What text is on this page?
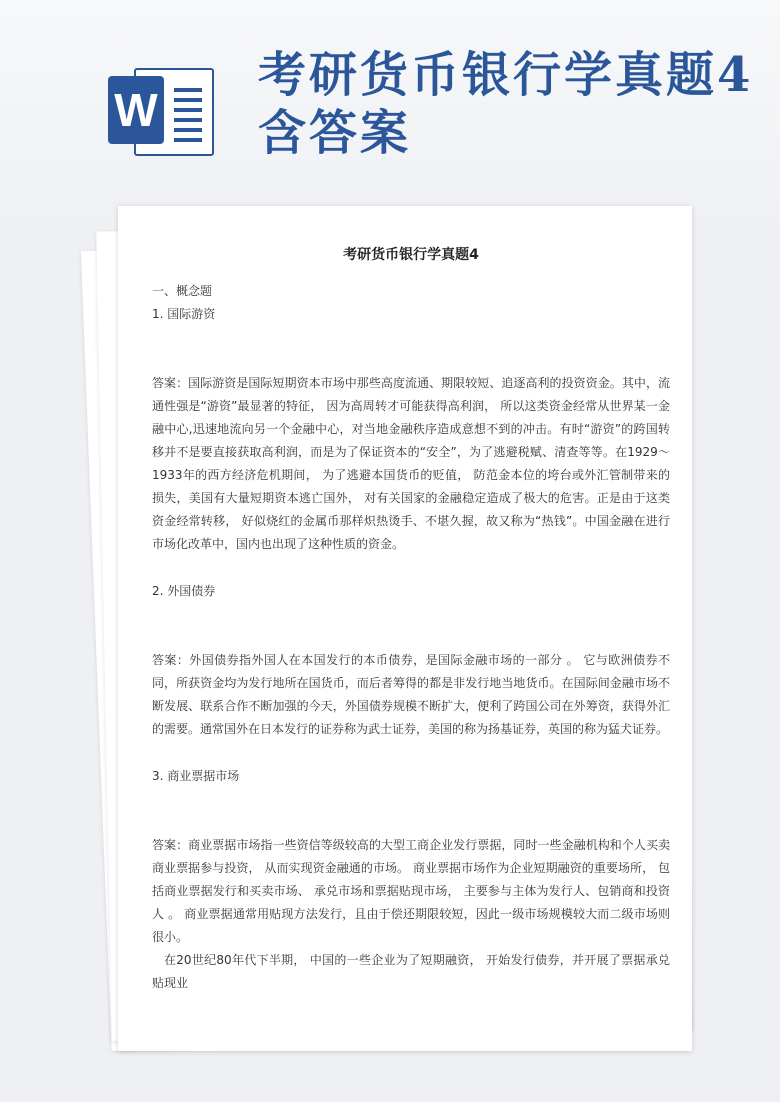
W
考研货币银行学真题4含答案
考研货币银行学真题4

一、概念题

1. 国际游资

答案：国际游资是国际短期资本市场中那些高度流通、期限较短、追逐高利的投资资金。其中，流通性强是“游资”最显著的特征， 因为高周转才可能获得高利润， 所以这类资金经常从世界某一金融中心,迅速地流向另一个金融中心，对当地金融秩序造成意想不到的冲击。有时“游资”的跨国转移并不是要直接获取高利润，而是为了保证资本的“安全”，为了逃避税赋、清查等等。在1929～1933年的西方经济危机期间， 为了逃避本国货币的贬值， 防范金本位的垮台或外汇管制带来的损失，美国有大量短期资本逃亡国外， 对有关国家的金融稳定造成了极大的危害。正是由于这类资金经常转移， 好似烧红的金属币那样炽热烫手、不堪久握，故又称为“热钱”。中国金融在进行市场化改革中，国内也出现了这种性质的资金。

2. 外国债券

答案：外国债券指外国人在本国发行的本币债券，是国际金融市场的一部分 。 它与欧洲债券不同，所获资金均为发行地所在国货币，而后者筹得的都是非发行地当地货币。在国际间金融市场不断发展、联系合作不断加强的今天，外国债券规模不断扩大，便利了跨国公司在外筹资，获得外汇的需要。通常国外在日本发行的证券称为武士证券，美国的称为扬基证券，英国的称为猛犬证券。

3. 商业票据市场

答案：商业票据市场指一些资信等级较高的大型工商企业发行票据，同时一些金融机构和个人买卖商业票据参与投资， 从而实现资金融通的市场。 商业票据市场作为企业短期融资的重要场所， 包括商业票据发行和买卖市场、 承兑市场和票据贴现市场， 主要参与主体为发行人、包销商和投资人 。 商业票据通常用贴现方法发行，且由于偿还期限较短，因此一级市场规模较大而二级市场则很小。

在20世纪80年代下半期， 中国的一些企业为了短期融资， 开始发行债券，并开展了票据承兑贴现业
